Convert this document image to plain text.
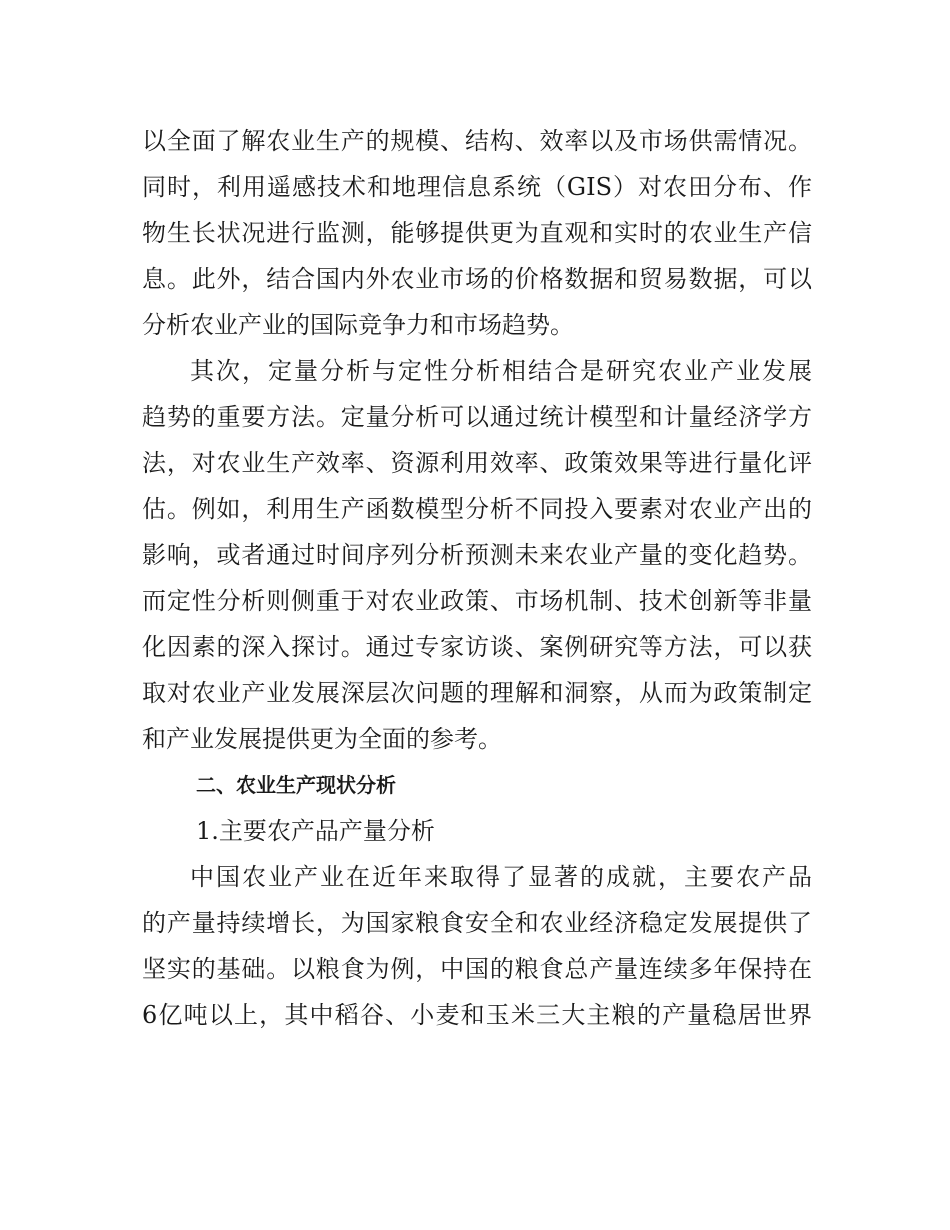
以全面了解农业生产的规模、结构、效率以及市场供需情况。
同时，利用遥感技术和地理信息系统（GIS）对农田分布、作
物生长状况进行监测，能够提供更为直观和实时的农业生产信
息。此外，结合国内外农业市场的价格数据和贸易数据，可以
分析农业产业的国际竞争力和市场趋势。
其次，定量分析与定性分析相结合是研究农业产业发展
趋势的重要方法。定量分析可以通过统计模型和计量经济学方
法，对农业生产效率、资源利用效率、政策效果等进行量化评
估。例如，利用生产函数模型分析不同投入要素对农业产出的
影响，或者通过时间序列分析预测未来农业产量的变化趋势。
而定性分析则侧重于对农业政策、市场机制、技术创新等非量
化因素的深入探讨。通过专家访谈、案例研究等方法，可以获
取对农业产业发展深层次问题的理解和洞察，从而为政策制定
和产业发展提供更为全面的参考。
二、农业生产现状分析
1.主要农产品产量分析
中国农业产业在近年来取得了显著的成就，主要农产品
的产量持续增长，为国家粮食安全和农业经济稳定发展提供了
坚实的基础。以粮食为例，中国的粮食总产量连续多年保持在
6亿吨以上，其中稻谷、小麦和玉米三大主粮的产量稳居世界
